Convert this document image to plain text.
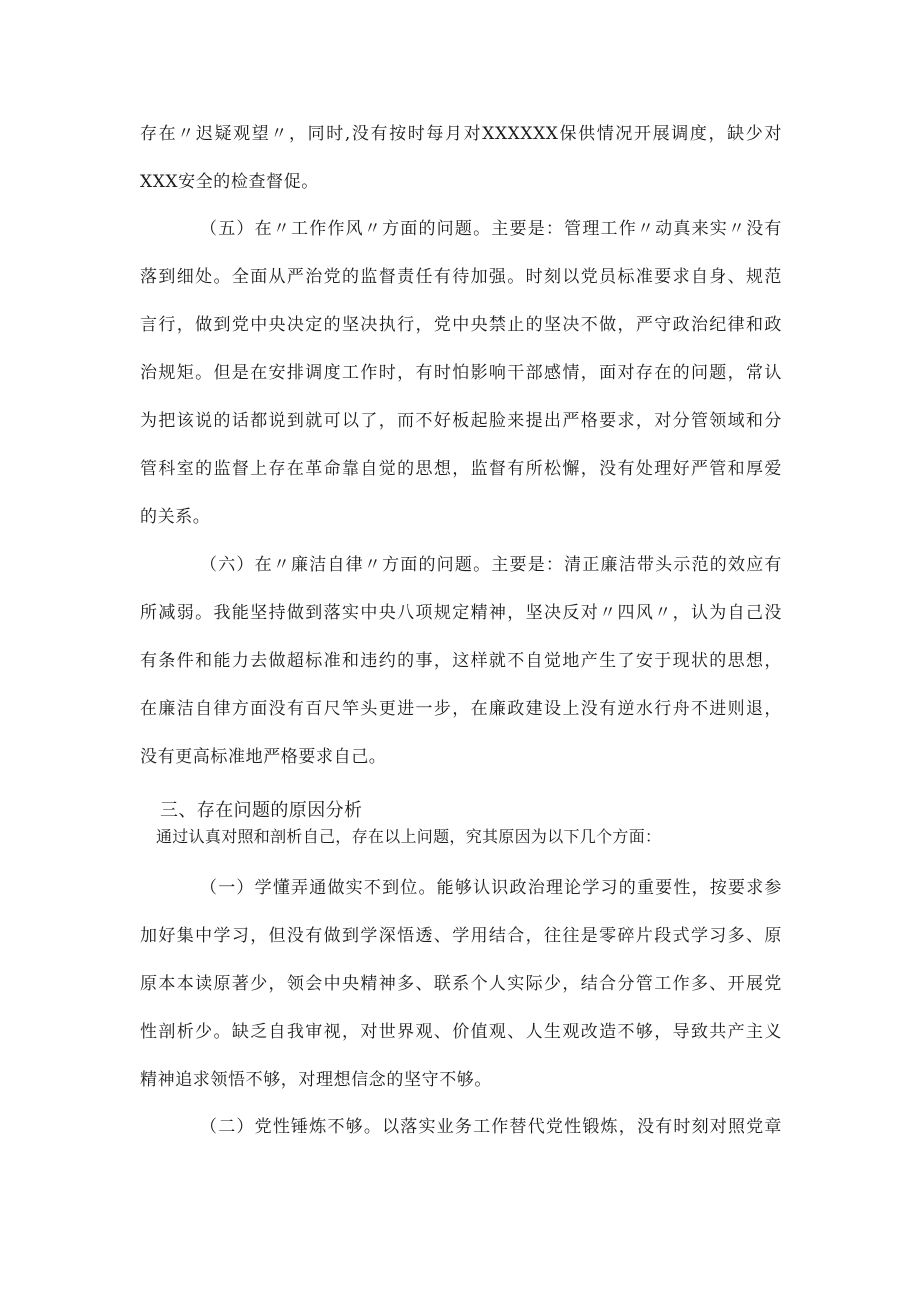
存在〃迟疑观望〃，同时,没有按时每月对XXXXXX保供情况开展调度，缺少对
XXX安全的检查督促。
（五）在〃工作作风〃方面的问题。主要是：管理工作〃动真来实〃没有
落到细处。全面从严治党的监督责任有待加强。时刻以党员标准要求自身、规范
言行，做到党中央决定的坚决执行，党中央禁止的坚决不做，严守政治纪律和政
治规矩。但是在安排调度工作时，有时怕影响干部感情，面对存在的问题，常认
为把该说的话都说到就可以了，而不好板起脸来提出严格要求，对分管领域和分
管科室的监督上存在革命靠自觉的思想，监督有所松懈，没有处理好严管和厚爱
的关系。
（六）在〃廉洁自律〃方面的问题。主要是：清正廉洁带头示范的效应有
所减弱。我能坚持做到落实中央八项规定精神，坚决反对〃四风〃，认为自己没
有条件和能力去做超标准和违约的事，这样就不自觉地产生了安于现状的思想，
在廉洁自律方面没有百尺竿头更进一步，在廉政建设上没有逆水行舟不进则退，
没有更高标准地严格要求自己。
三、存在问题的原因分析
通过认真对照和剖析自己，存在以上问题，究其原因为以下几个方面：
（一）学懂弄通做实不到位。能够认识政治理论学习的重要性，按要求参
加好集中学习，但没有做到学深悟透、学用结合，往往是零碎片段式学习多、原
原本本读原著少，领会中央精神多、联系个人实际少，结合分管工作多、开展党
性剖析少。缺乏自我审视，对世界观、价值观、人生观改造不够，导致共产主义
精神追求领悟不够，对理想信念的坚守不够。
（二）党性锤炼不够。以落实业务工作替代党性锻炼，没有时刻对照党章
